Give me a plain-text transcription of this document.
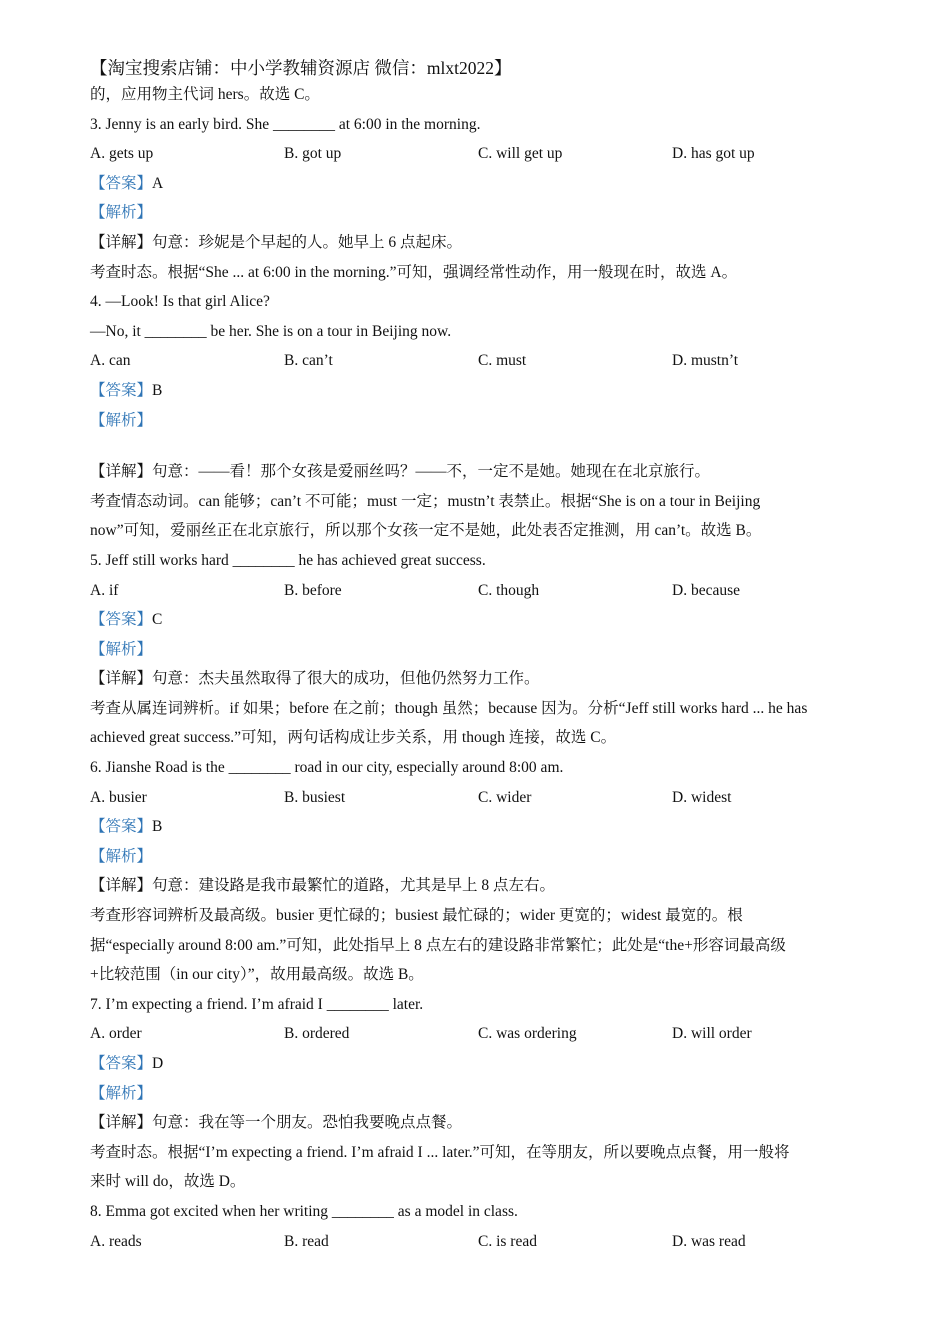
【淘宝搜索店铺：中小学教辅资源店 微信：mlxt2022】
的，应用物主代词 hers。故选 C。
3. Jenny is an early bird. She ________ at 6:00 in the morning.
A. gets up	B. got up	C. will get up	D. has got up
【答案】A
【解析】
【详解】句意：珍妮是个早起的人。她早上 6 点起床。
考查时态。根据“She ... at 6:00 in the morning.”可知，强调经常性动作，用一般现在时，故选 A。
4. —Look! Is that girl Alice?
—No, it ________ be her. She is on a tour in Beijing now.
A. can	B. can’t	C. must	D. mustn’t
【答案】B
【解析】
【详解】句意：——看！那个女孩是爱丽丝吗？——不，一定不是她。她现在在北京旅行。
考查情态动词。can 能够；can’t 不可能；must 一定；mustn’t 表禁止。根据“She is on a tour in Beijing
now”可知，爱丽丝正在北京旅行，所以那个女孩一定不是她，此处表否定推测，用 can’t。故选 B。
5. Jeff still works hard ________ he has achieved great success.
A. if	B. before	C. though	D. because
【答案】C
【解析】
【详解】句意：杰夫虽然取得了很大的成功，但他仍然努力工作。
考查从属连词辨析。if 如果；before 在之前；though 虽然；because 因为。分析“Jeff still works hard ... he has
achieved great success.”可知，两句话构成让步关系，用 though 连接，故选 C。
6. Jianshe Road is the ________ road in our city, especially around 8:00 am.
A. busier	B. busiest	C. wider	D. widest
【答案】B
【解析】
【详解】句意：建设路是我市最繁忙的道路，尤其是早上 8 点左右。
考查形容词辨析及最高级。busier 更忙碌的；busiest 最忙碌的；wider 更宽的；widest 最宽的。根
据“especially around 8:00 am.”可知，此处指早上 8 点左右的建设路非常繁忙；此处是“the+形容词最高级
+比较范围（in our city）”，故用最高级。故选 B。
7. I’m expecting a friend. I’m afraid I ________ later.
A. order	B. ordered	C. was ordering	D. will order
【答案】D
【解析】
【详解】句意：我在等一个朋友。恐怕我要晚点点餐。
考查时态。根据“I’m expecting a friend. I’m afraid I ... later.”可知，在等朋友，所以要晚点点餐，用一般将
来时 will do，故选 D。
8. Emma got excited when her writing ________ as a model in class.
A. reads	B. read	C. is read	D. was read
